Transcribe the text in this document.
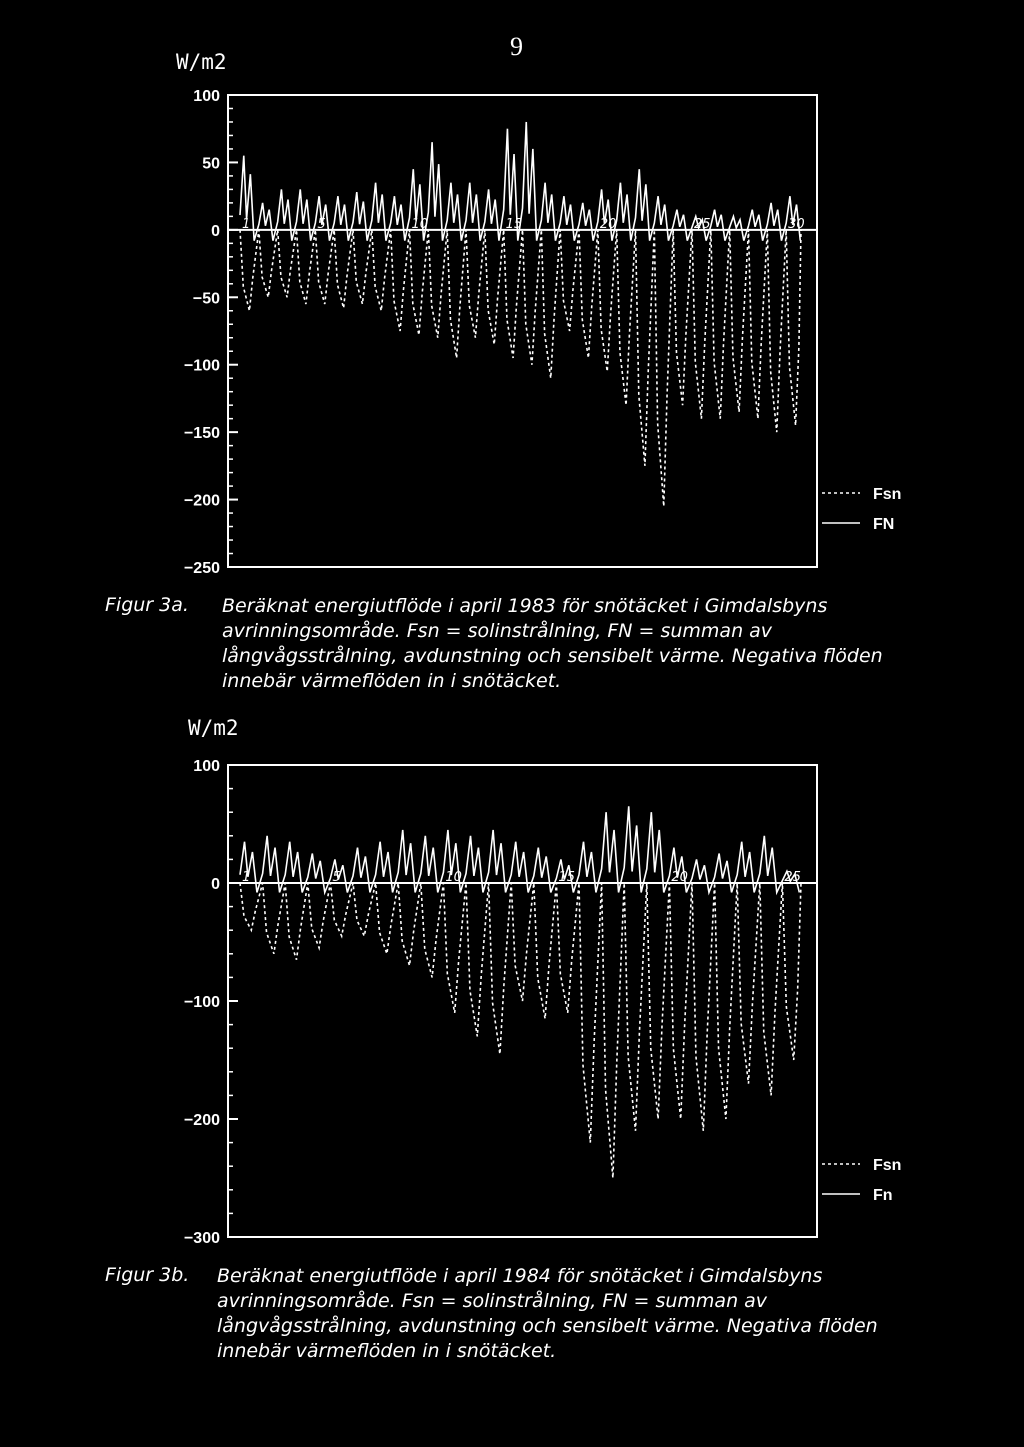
9
W/m2
W/m2
100
50
0
−50
−100
−150
−200
−250
1	5	10	15	20	25	30
100
0
−100
−200
−300
1	5	10	15	20	25
Fsn
FN
Fsn
Fn
Figur 3a. Beräknat energiutflöde i april 1983 för snötäcket i Gimdalsbyns avrinningsområde. Fsn = solinstrålning, FN = summan av långvågsstrålning, avdunstning och sensibelt värme. Negativa flöden innebär värmeflöden in i snötäcket.
Figur 3b. Beräknat energiutflöde i april 1984 för snötäcket i Gimdalsbyns avrinningsområde. Fsn = solinstrålning, FN = summan av långvågsstrålning, avdunstning och sensibelt värme. Negativa flöden innebär värmeflöden in i snötäcket.
